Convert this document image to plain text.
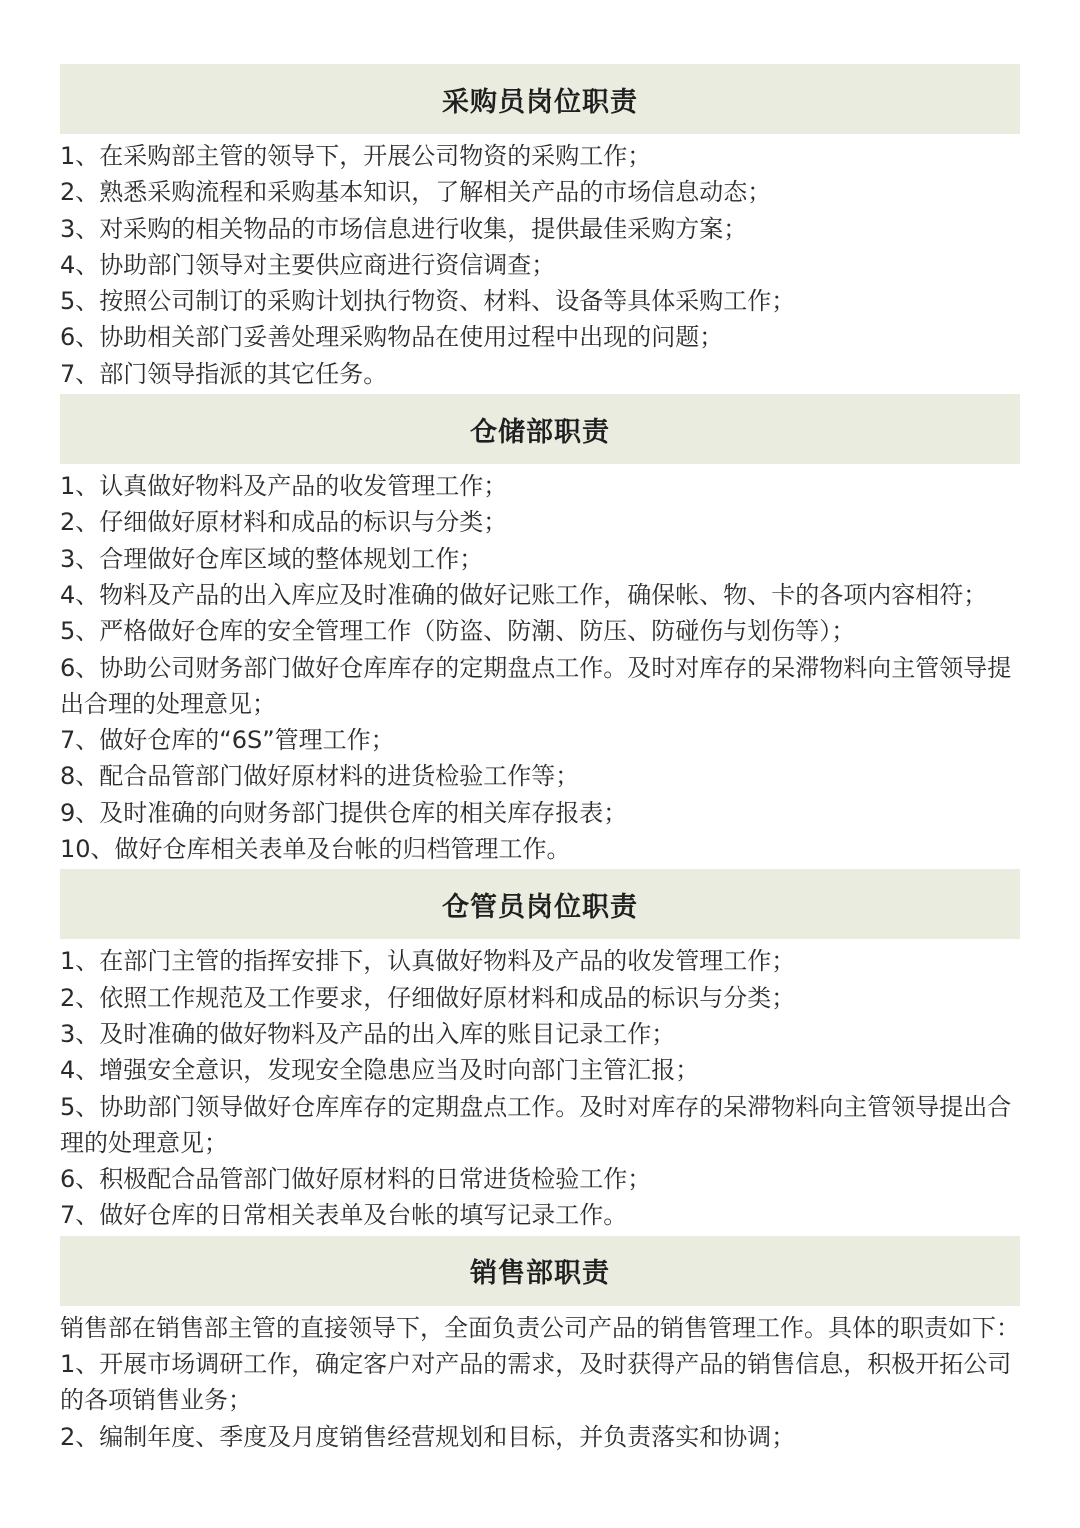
采购员岗位职责

1、在采购部主管的领导下，开展公司物资的采购工作；

2、熟悉采购流程和采购基本知识，了解相关产品的市场信息动态；

3、对采购的相关物品的市场信息进行收集，提供最佳采购方案；

4、协助部门领导对主要供应商进行资信调查；

5、按照公司制订的采购计划执行物资、材料、设备等具体采购工作；

6、协助相关部门妥善处理采购物品在使用过程中出现的问题；

7、部门领导指派的其它任务。

仓储部职责

1、认真做好物料及产品的收发管理工作；

2、仔细做好原材料和成品的标识与分类；

3、合理做好仓库区域的整体规划工作；

4、物料及产品的出入库应及时准确的做好记账工作，确保帐、物、卡的各项内容相符；

5、严格做好仓库的安全管理工作（防盗、防潮、防压、防碰伤与划伤等）；

6、协助公司财务部门做好仓库库存的定期盘点工作。及时对库存的呆滞物料向主管领导提出合理的处理意见；

7、做好仓库的“6S”管理工作；

8、配合品管部门做好原材料的进货检验工作等；

9、及时准确的向财务部门提供仓库的相关库存报表；

10、做好仓库相关表单及台帐的归档管理工作。

仓管员岗位职责

1、在部门主管的指挥安排下，认真做好物料及产品的收发管理工作；

2、依照工作规范及工作要求，仔细做好原材料和成品的标识与分类；

3、及时准确的做好物料及产品的出入库的账目记录工作；

4、增强安全意识，发现安全隐患应当及时向部门主管汇报；

5、协助部门领导做好仓库库存的定期盘点工作。及时对库存的呆滞物料向主管领导提出合理的处理意见；

6、积极配合品管部门做好原材料的日常进货检验工作；

7、做好仓库的日常相关表单及台帐的填写记录工作。

销售部职责

销售部在销售部主管的直接领导下，全面负责公司产品的销售管理工作。具体的职责如下：

1、开展市场调研工作，确定客户对产品的需求，及时获得产品的销售信息，积极开拓公司的各项销售业务；

2、编制年度、季度及月度销售经营规划和目标，并负责落实和协调；
